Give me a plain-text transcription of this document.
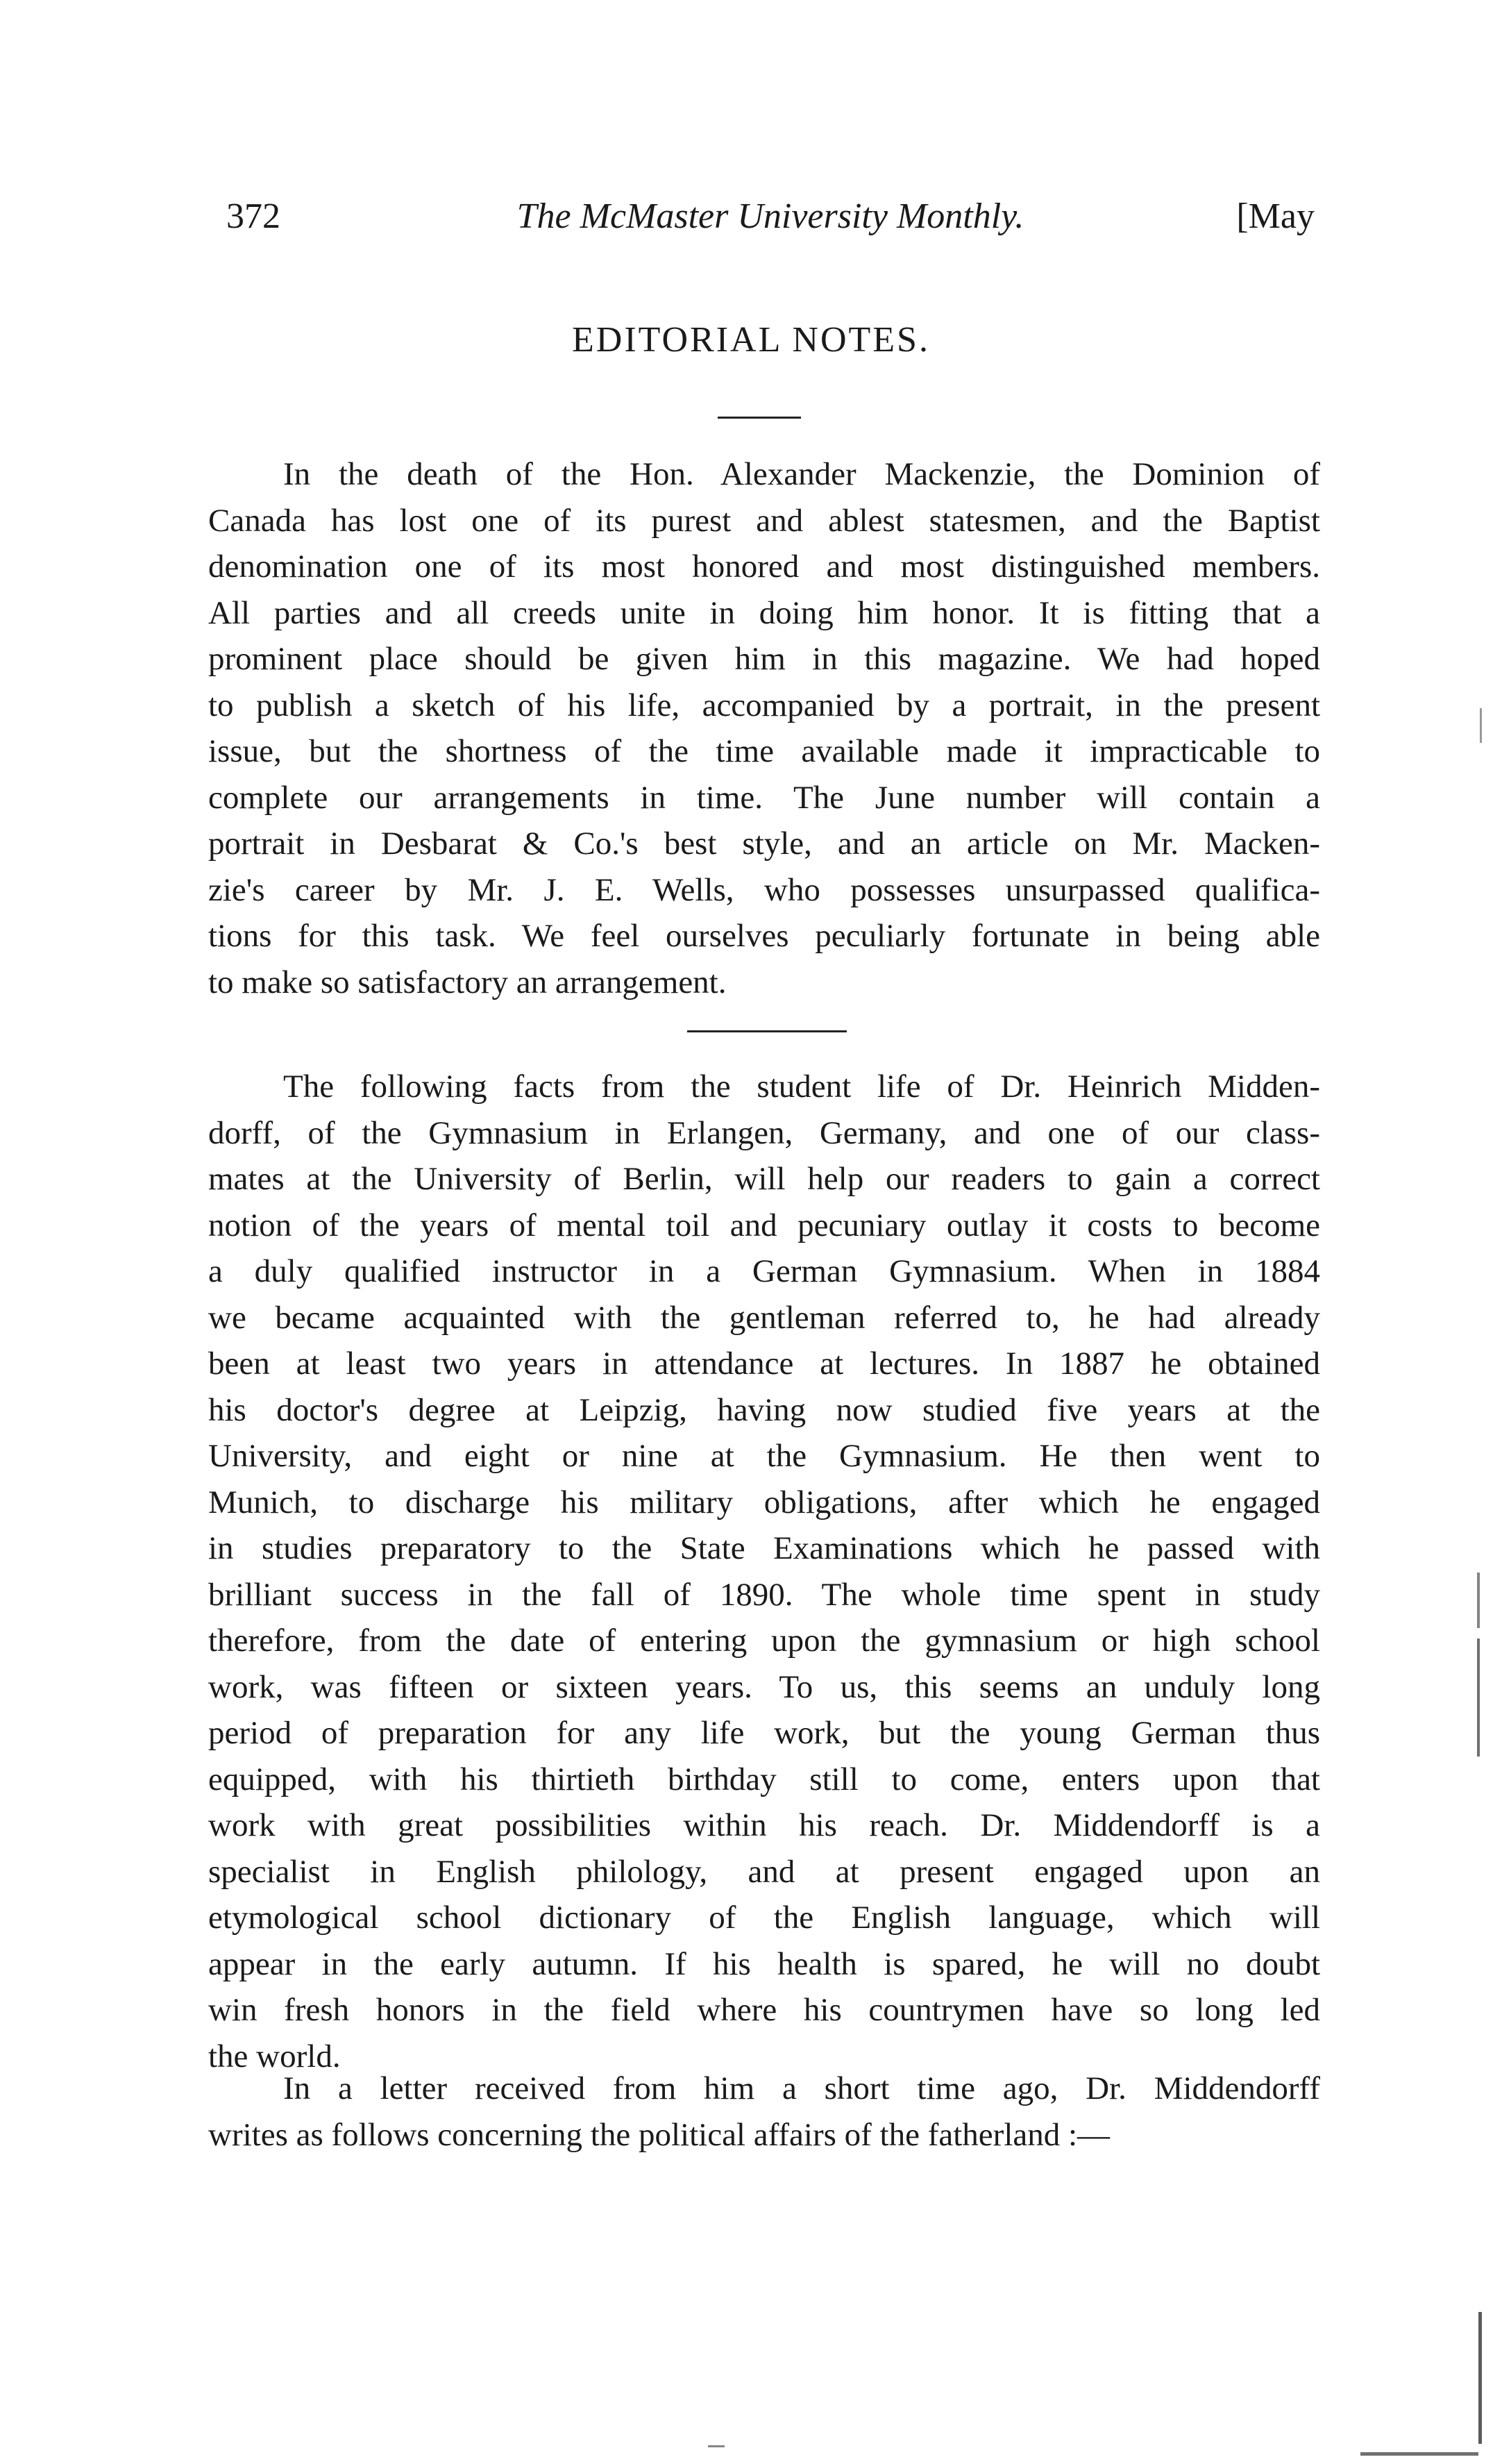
372	The McMaster University Monthly.	[May
EDITORIAL NOTES.

In the death of the Hon. Alexander Mackenzie, the Dominion of
Canada has lost one of its purest and ablest statesmen, and the Baptist
denomination one of its most honored and most distinguished members.
All parties and all creeds unite in doing him honor. It is fitting that a
prominent place should be given him in this magazine. We had hoped
to publish a sketch of his life, accompanied by a portrait, in the present
issue, but the shortness of the time available made it impracticable to
complete our arrangements in time. The June number will contain a
portrait in Desbarat & Co.'s best style, and an article on Mr. Macken-
zie's career by Mr. J. E. Wells, who possesses unsurpassed qualifica-
tions for this task. We feel ourselves peculiarly fortunate in being able
to make so satisfactory an arrangement.

The following facts from the student life of Dr. Heinrich Midden-
dorff, of the Gymnasium in Erlangen, Germany, and one of our class-
mates at the University of Berlin, will help our readers to gain a correct
notion of the years of mental toil and pecuniary outlay it costs to become
a duly qualified instructor in a German Gymnasium. When in 1884
we became acquainted with the gentleman referred to, he had already
been at least two years in attendance at lectures. In 1887 he obtained
his doctor's degree at Leipzig, having now studied five years at the
University, and eight or nine at the Gymnasium. He then went to
Munich, to discharge his military obligations, after which he engaged
in studies preparatory to the State Examinations which he passed with
brilliant success in the fall of 1890. The whole time spent in study
therefore, from the date of entering upon the gymnasium or high school
work, was fifteen or sixteen years. To us, this seems an unduly long
period of preparation for any life work, but the young German thus
equipped, with his thirtieth birthday still to come, enters upon that
work with great possibilities within his reach. Dr. Middendorff is a
specialist in English philology, and at present engaged upon an
etymological school dictionary of the English language, which will
appear in the early autumn. If his health is spared, he will no doubt
win fresh honors in the field where his countrymen have so long led
the world.

In a letter received from him a short time ago, Dr. Middendorff
writes as follows concerning the political affairs of the fatherland :—
